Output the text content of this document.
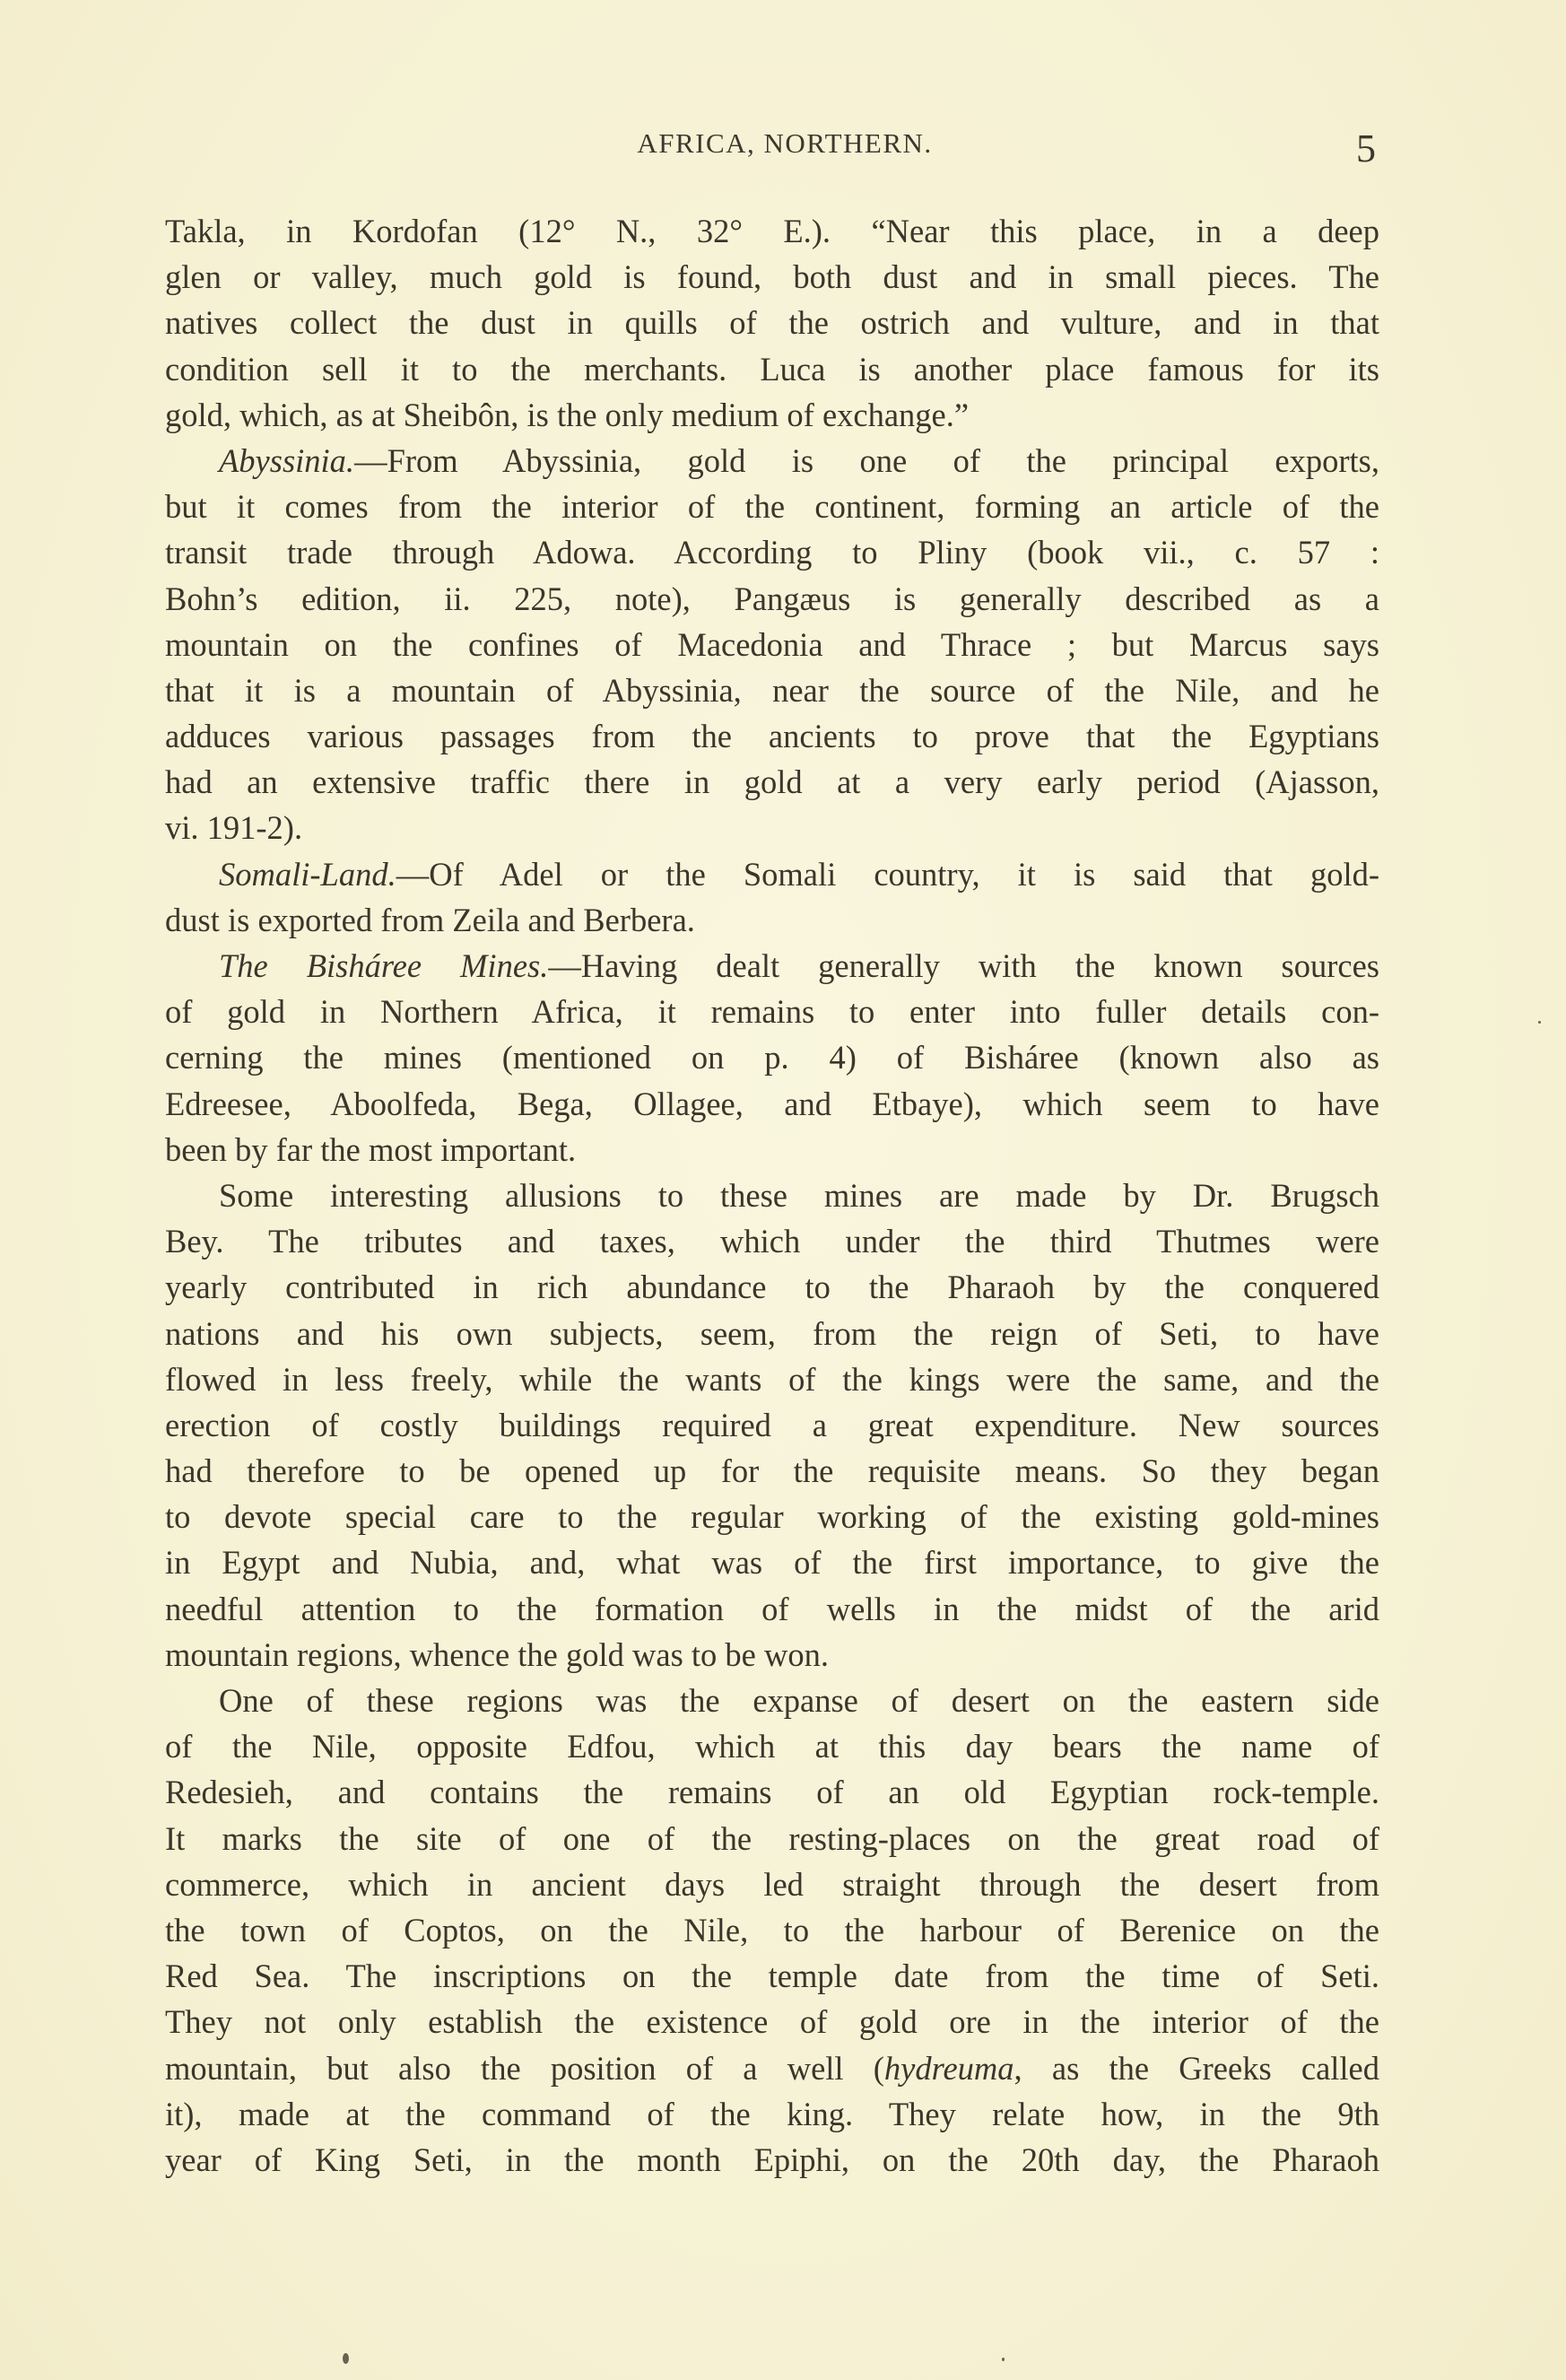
AFRICA, NORTHERN.	5
Takla, in Kordofan (12° N., 32° E.). “Near this place, in a deep
glen or valley, much gold is found, both dust and in small pieces. The
natives collect the dust in quills of the ostrich and vulture, and in that
condition sell it to the merchants. Luca is another place famous for its
gold, which, as at Sheibôn, is the only medium of exchange.”
Abyssinia.—From Abyssinia, gold is one of the principal exports,
but it comes from the interior of the continent, forming an article of the
transit trade through Adowa. According to Pliny (book vii., c. 57 :
Bohn’s edition, ii. 225, note), Pangæus is generally described as a
mountain on the confines of Macedonia and Thrace ; but Marcus says
that it is a mountain of Abyssinia, near the source of the Nile, and he
adduces various passages from the ancients to prove that the Egyptians
had an extensive traffic there in gold at a very early period (Ajasson,
vi. 191-2).
Somali-Land.—Of Adel or the Somali country, it is said that gold-
dust is exported from Zeila and Berbera.
The Bisháree Mines.—Having dealt generally with the known sources
of gold in Northern Africa, it remains to enter into fuller details con-
cerning the mines (mentioned on p. 4) of Bisháree (known also as
Edreesee, Aboolfeda, Bega, Ollagee, and Etbaye), which seem to have
been by far the most important.
Some interesting allusions to these mines are made by Dr. Brugsch
Bey. The tributes and taxes, which under the third Thutmes were
yearly contributed in rich abundance to the Pharaoh by the conquered
nations and his own subjects, seem, from the reign of Seti, to have
flowed in less freely, while the wants of the kings were the same, and the
erection of costly buildings required a great expenditure. New sources
had therefore to be opened up for the requisite means. So they began
to devote special care to the regular working of the existing gold-mines
in Egypt and Nubia, and, what was of the first importance, to give the
needful attention to the formation of wells in the midst of the arid
mountain regions, whence the gold was to be won.
One of these regions was the expanse of desert on the eastern side
of the Nile, opposite Edfou, which at this day bears the name of
Redesieh, and contains the remains of an old Egyptian rock-temple.
It marks the site of one of the resting-places on the great road of
commerce, which in ancient days led straight through the desert from
the town of Coptos, on the Nile, to the harbour of Berenice on the
Red Sea. The inscriptions on the temple date from the time of Seti.
They not only establish the existence of gold ore in the interior of the
mountain, but also the position of a well (hydreuma, as the Greeks called
it), made at the command of the king. They relate how, in the 9th
year of King Seti, in the month Epiphi, on the 20th day, the Pharaoh
